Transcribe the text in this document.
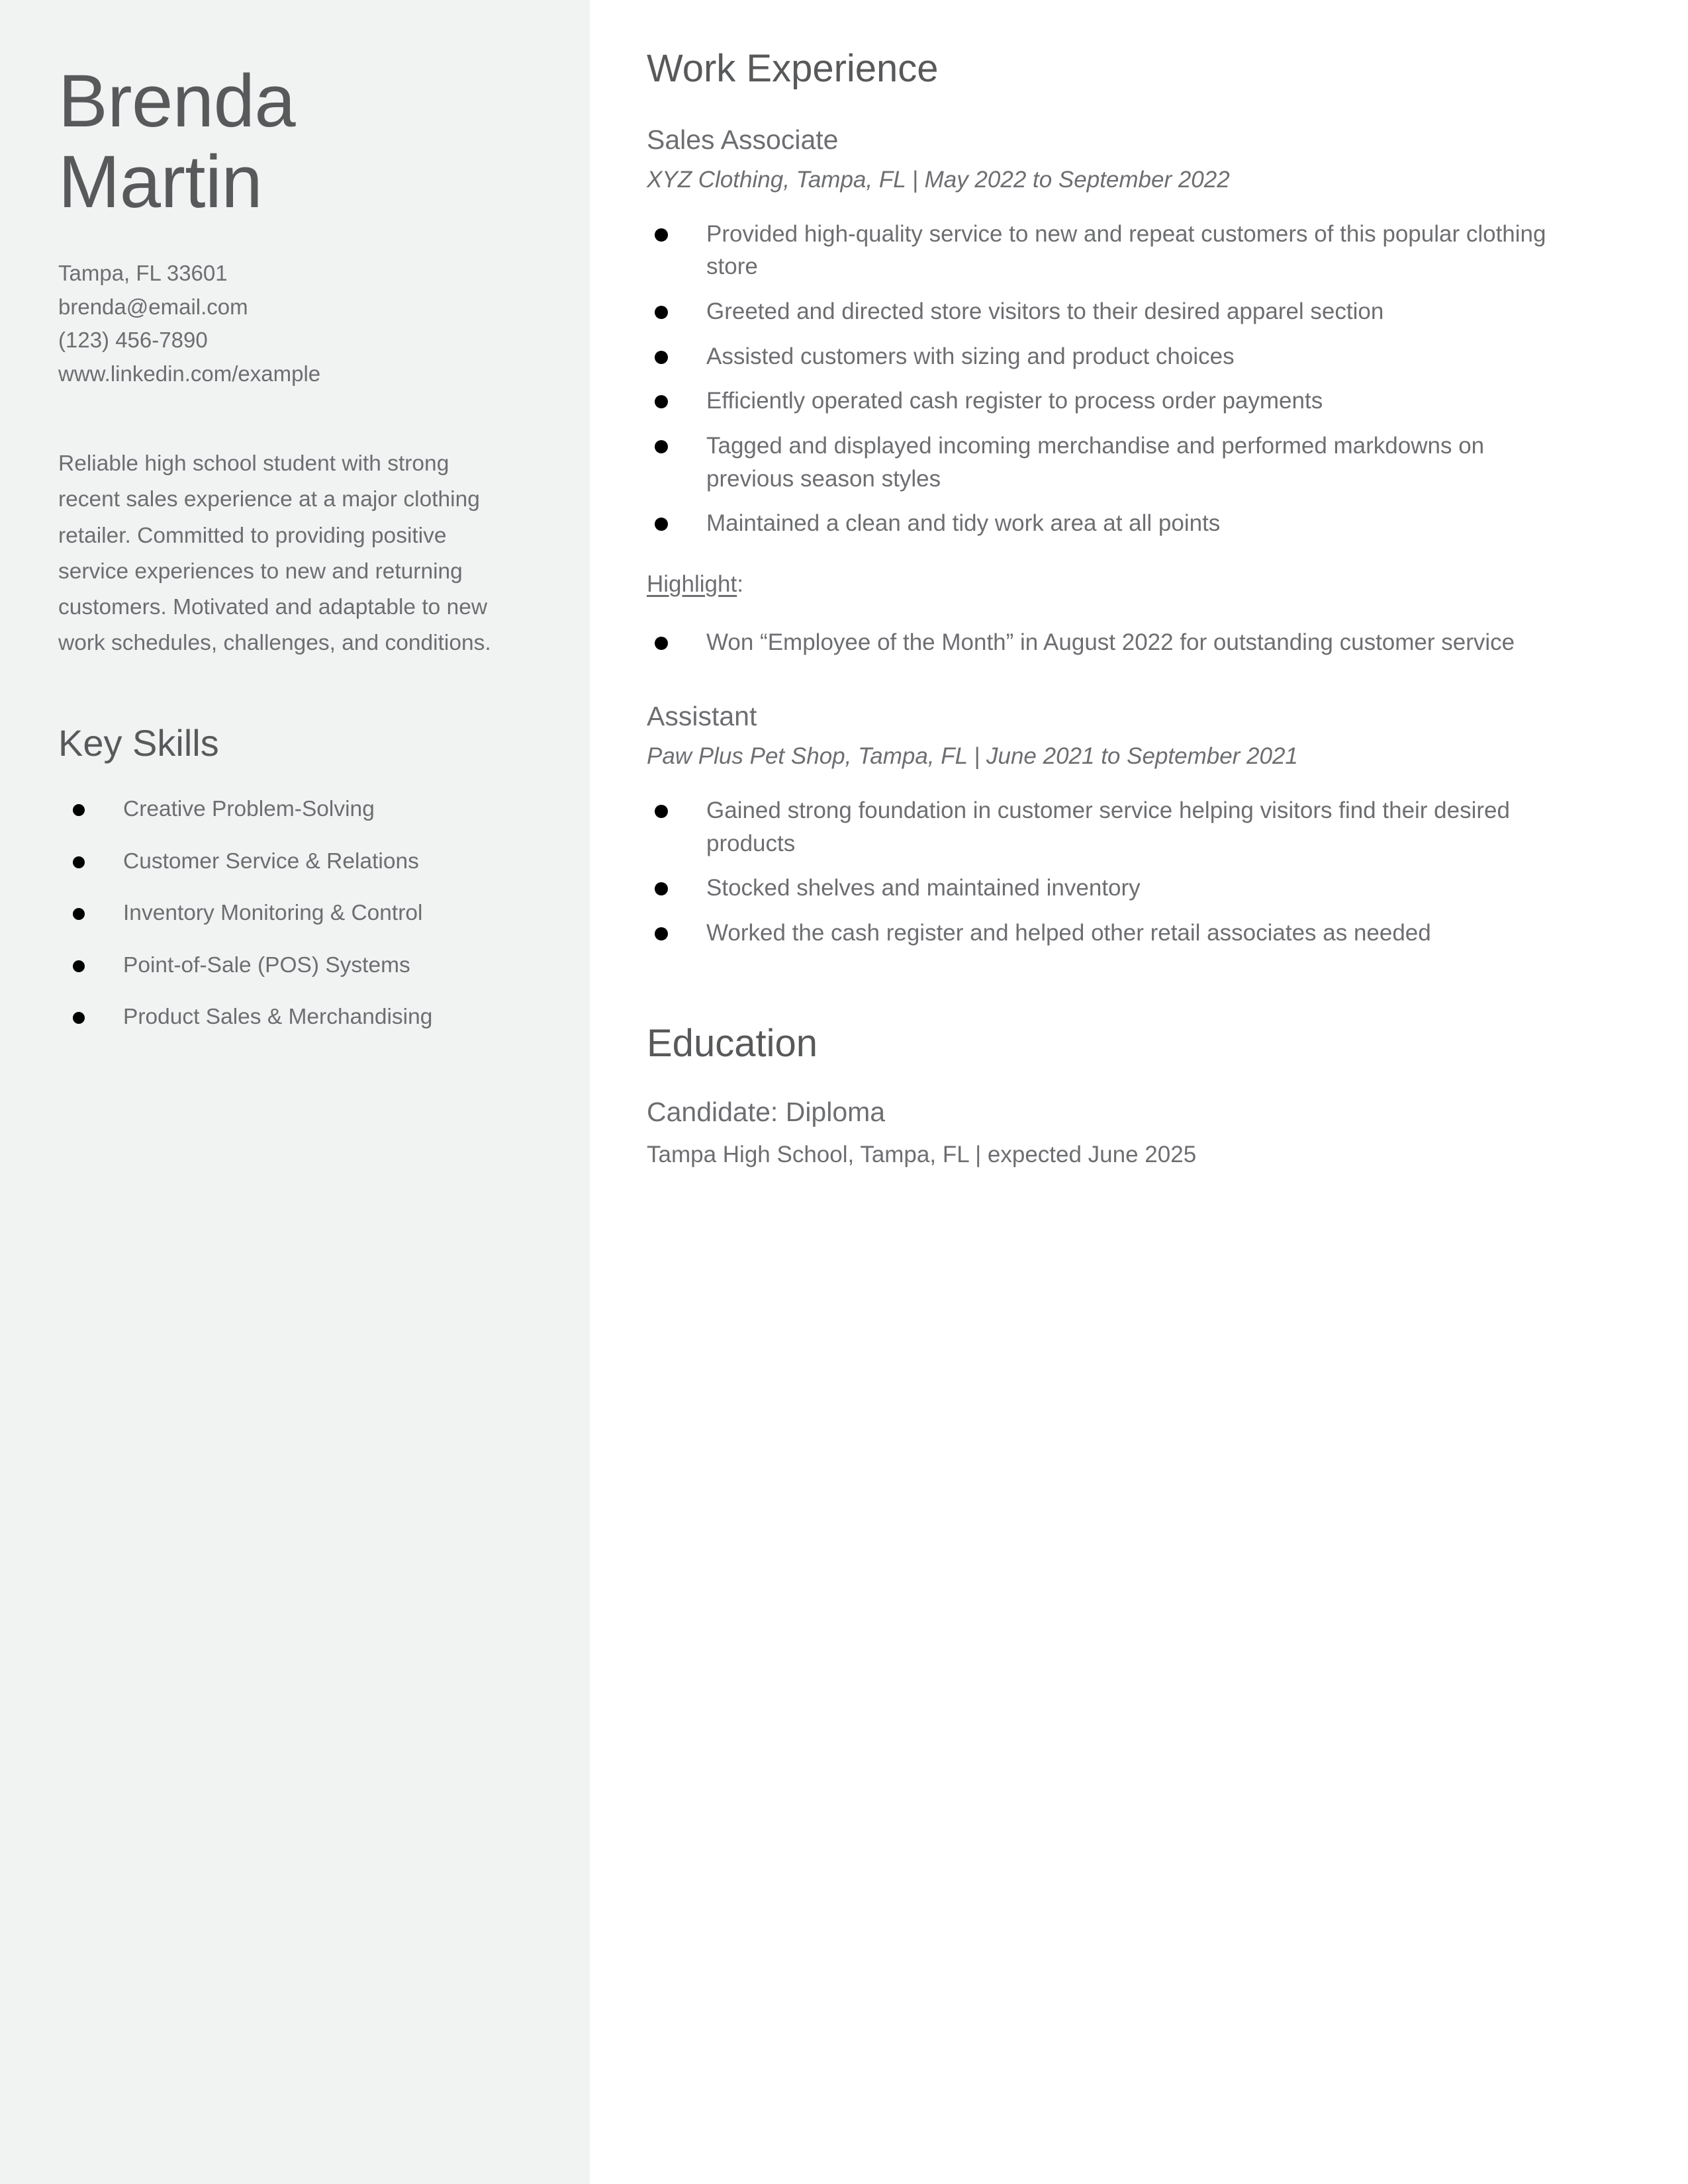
Brenda
Martin
Tampa, FL 33601
brenda@email.com
(123) 456-7890
www.linkedin.com/example

Reliable high school student with strong recent sales experience at a major clothing retailer. Committed to providing positive service experiences to new and returning customers. Motivated and adaptable to new work schedules, challenges, and conditions.

Key Skills
Creative Problem-Solving
Customer Service & Relations
Inventory Monitoring & Control
Point-of-Sale (POS) Systems
Product Sales & Merchandising
Work Experience
Sales Associate
XYZ Clothing, Tampa, FL | May 2022 to September 2022
Provided high-quality service to new and repeat customers of this popular clothing store
Greeted and directed store visitors to their desired apparel section
Assisted customers with sizing and product choices
Efficiently operated cash register to process order payments
Tagged and displayed incoming merchandise and performed markdowns on previous season styles
Maintained a clean and tidy work area at all points
Highlight:
Won “Employee of the Month” in August 2022 for outstanding customer service
Assistant
Paw Plus Pet Shop, Tampa, FL | June 2021 to September 2021
Gained strong foundation in customer service helping visitors find their desired products
Stocked shelves and maintained inventory
Worked the cash register and helped other retail associates as needed
Education
Candidate: Diploma
Tampa High School, Tampa, FL | expected June 2025
